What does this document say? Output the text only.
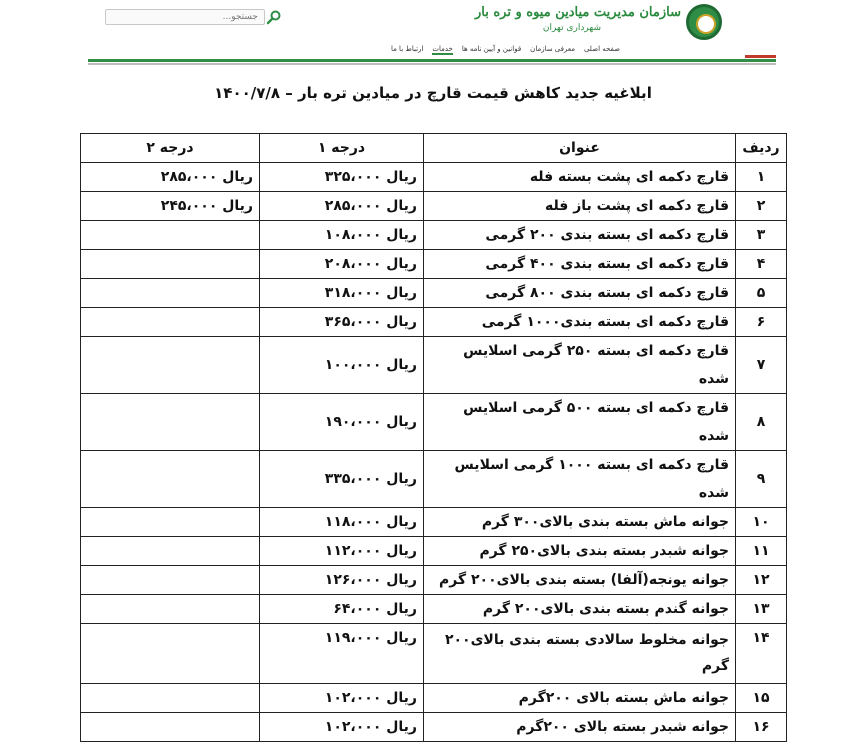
سازمان مدیریت میادین میوه و تره بار
شهرداری تهران
جستجو...
صفحه اصلی
معرفی سازمان
قوانین و آیین نامه ها
خدمات
ارتباط با ما
ابلاغیه جدید کاهش قیمت قارچ در میادین تره بار – ۱۴۰۰/۷/۸
ردیف	عنوان	درجه ۱	درجه ۲
۱	قارچ دکمه ای پشت بسته فله	ریال ۳۲۵،۰۰۰	ریال ۲۸۵،۰۰۰
۲	قارچ دکمه ای پشت باز فله	ریال ۲۸۵،۰۰۰	ریال ۲۴۵،۰۰۰
۳	قارچ دکمه ای بسته بندی ۲۰۰ گرمی	ریال ۱۰۸،۰۰۰	
۴	قارچ دکمه ای بسته بندی ۴۰۰ گرمی	ریال ۲۰۸،۰۰۰	
۵	قارچ دکمه ای بسته بندی ۸۰۰ گرمی	ریال ۳۱۸،۰۰۰	
۶	قارچ دکمه ای بسته بندی۱۰۰۰ گرمی	ریال ۳۶۵،۰۰۰	
۷	قارچ دکمه ای بسته ۲۵۰ گرمی اسلایس شده	ریال ۱۰۰،۰۰۰	
۸	قارچ دکمه ای بسته ۵۰۰ گرمی اسلایس شده	ریال ۱۹۰،۰۰۰	
۹	قارچ دکمه ای بسته ۱۰۰۰ گرمی اسلایس شده	ریال ۳۳۵،۰۰۰	
۱۰	جوانه ماش بسته بندی بالای۳۰۰ گرم	ریال ۱۱۸،۰۰۰	
۱۱	جوانه شبدر بسته بندی بالای۲۵۰ گرم	ریال ۱۱۲،۰۰۰	
۱۲	جوانه یونجه(آلفا) بسته بندی بالای۲۰۰ گرم	ریال ۱۲۶،۰۰۰	
۱۳	جوانه گندم بسته بندی بالای۲۰۰ گرم	ریال ۶۴،۰۰۰	
۱۴	جوانه مخلوط سالادی بسته بندی بالای۲۰۰ گرم	ریال ۱۱۹،۰۰۰	
۱۵	جوانه ماش بسته بالای ۲۰۰گرم	ریال ۱۰۲،۰۰۰	
۱۶	جوانه شبدر بسته بالای ۲۰۰گرم	ریال ۱۰۲،۰۰۰	
